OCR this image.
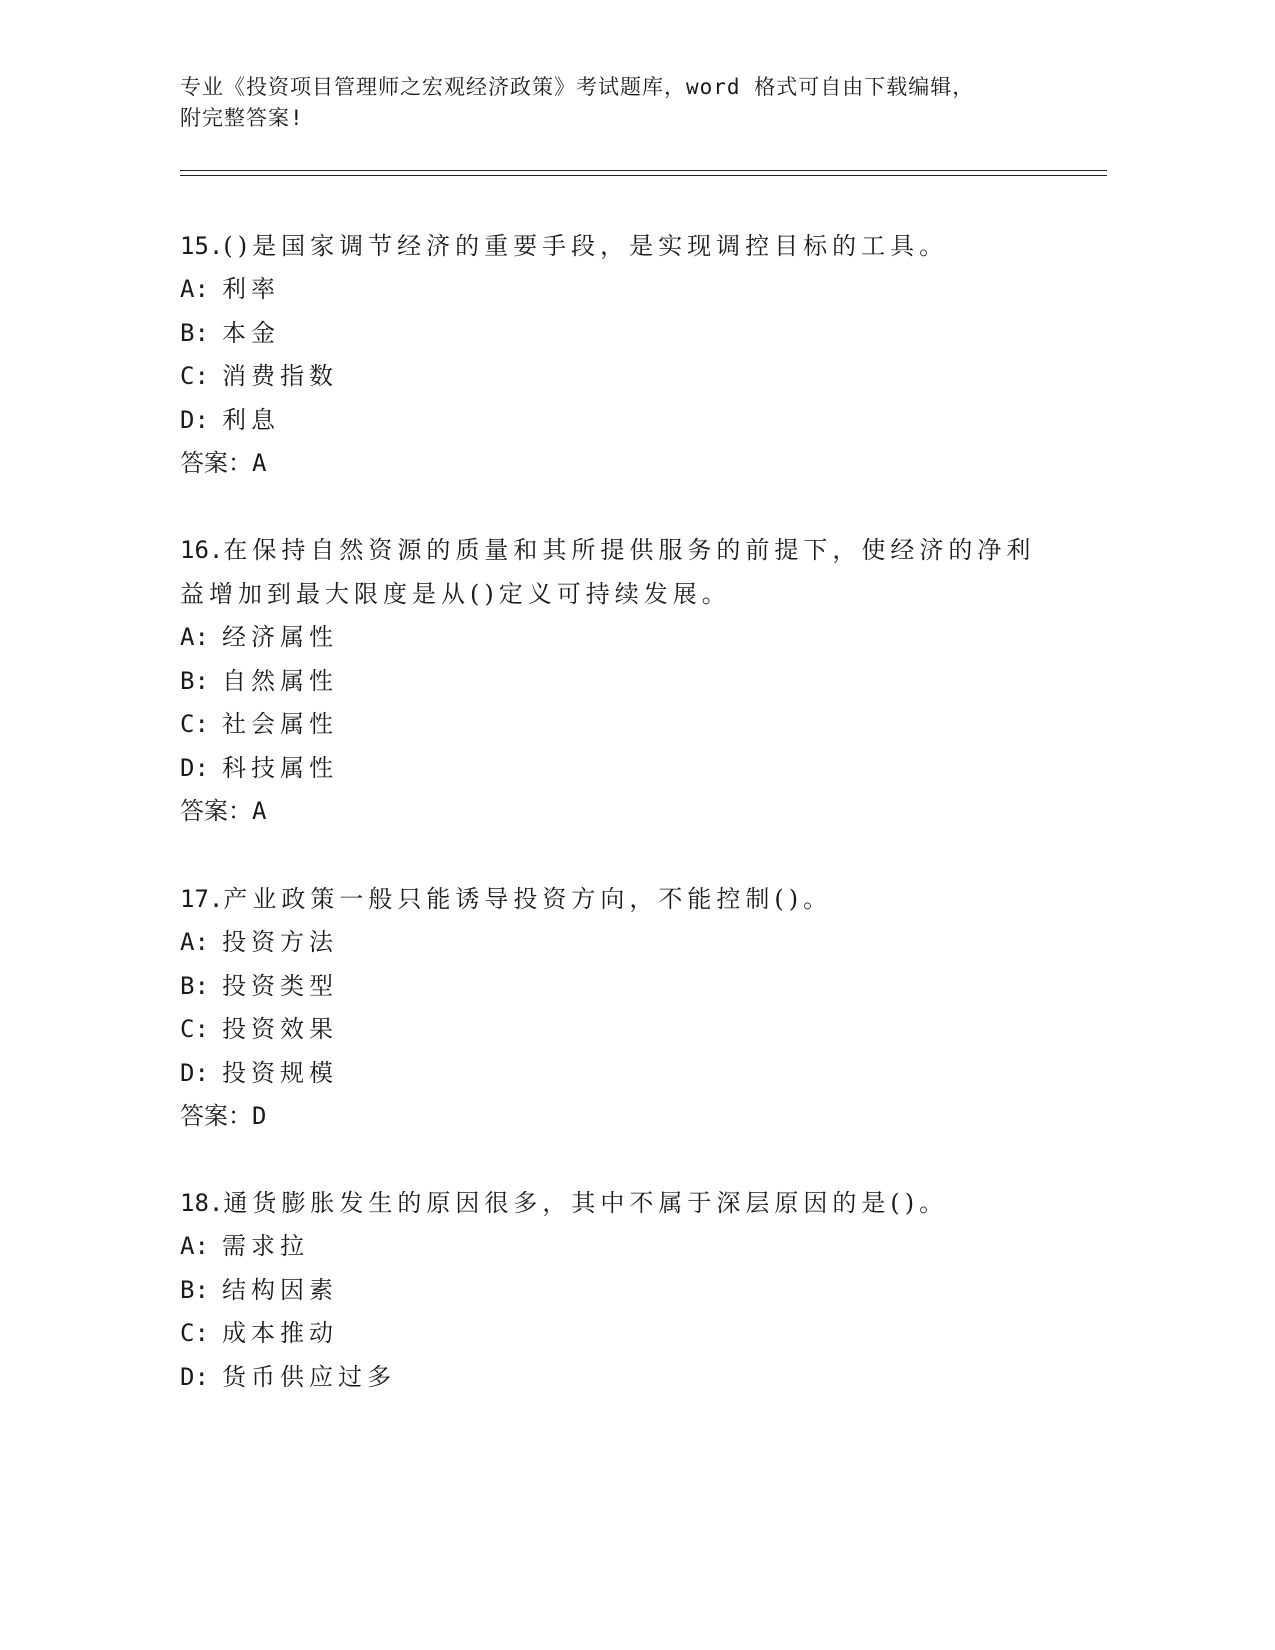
专业《投资项目管理师之宏观经济政策》考试题库，word 格式可自由下载编辑，
附完整答案!

15.()是国家调节经济的重要手段，是实现调控目标的工具。

A: 利率
B: 本金
C: 消费指数
D: 利息
答案：A

16.在保持自然资源的质量和其所提供服务的前提下，使经济的净利益增加到最大限度是从()定义可持续发展。

A: 经济属性
B: 自然属性
C: 社会属性
D: 科技属性
答案：A

17.产业政策一般只能诱导投资方向，不能控制()。

A: 投资方法
B: 投资类型
C: 投资效果
D: 投资规模
答案：D

18.通货膨胀发生的原因很多，其中不属于深层原因的是()。

A: 需求拉
B: 结构因素
C: 成本推动
D: 货币供应过多
